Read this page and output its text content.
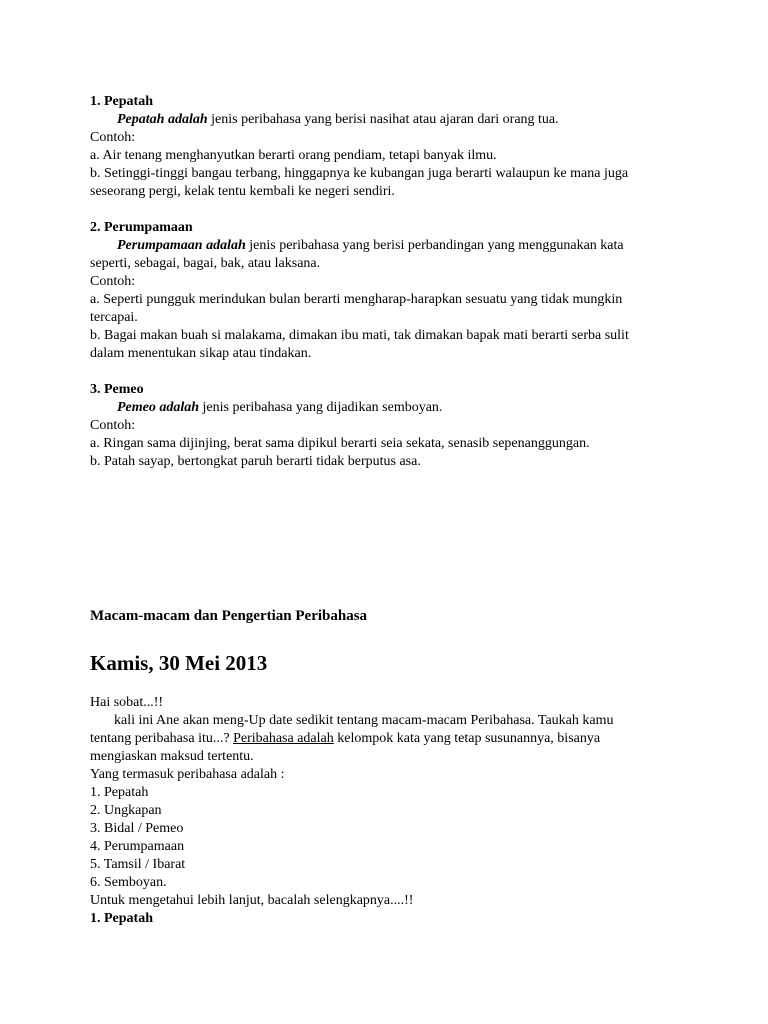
1. Pepatah
Pepatah adalah jenis peribahasa yang berisi nasihat atau ajaran dari orang tua.
Contoh:
a. Air tenang menghanyutkan berarti orang pendiam, tetapi banyak ilmu.
b. Setinggi-tinggi bangau terbang, hinggapnya ke kubangan juga berarti walaupun ke mana juga
seseorang pergi, kelak tentu kembali ke negeri sendiri.
2. Perumpamaan
Perumpamaan adalah jenis peribahasa yang berisi perbandingan yang menggunakan kata
seperti, sebagai, bagai, bak, atau laksana.
Contoh:
a. Seperti pungguk merindukan bulan berarti mengharap-harapkan sesuatu yang tidak mungkin
tercapai.
b. Bagai makan buah si malakama, dimakan ibu mati, tak dimakan bapak mati berarti serba sulit
dalam menentukan sikap atau tindakan.
3. Pemeo
Pemeo adalah jenis peribahasa yang dijadikan semboyan.
Contoh:
a. Ringan sama dijinjing, berat sama dipikul berarti seia sekata, senasib sepenanggungan.
b. Patah sayap, bertongkat paruh berarti tidak berputus asa.
Macam-macam dan Pengertian Peribahasa
Kamis, 30 Mei 2013
Hai sobat...!!
kali ini Ane akan meng-Up date sedikit tentang macam-macam Peribahasa. Taukah kamu
tentang peribahasa itu...? Peribahasa adalah kelompok kata yang tetap susunannya, bisanya
mengiaskan maksud tertentu.
Yang termasuk peribahasa adalah :
1. Pepatah
2. Ungkapan
3. Bidal / Pemeo
4. Perumpamaan
5. Tamsil / Ibarat
6. Semboyan.
Untuk mengetahui lebih lanjut, bacalah selengkapnya....!!
1. Pepatah
